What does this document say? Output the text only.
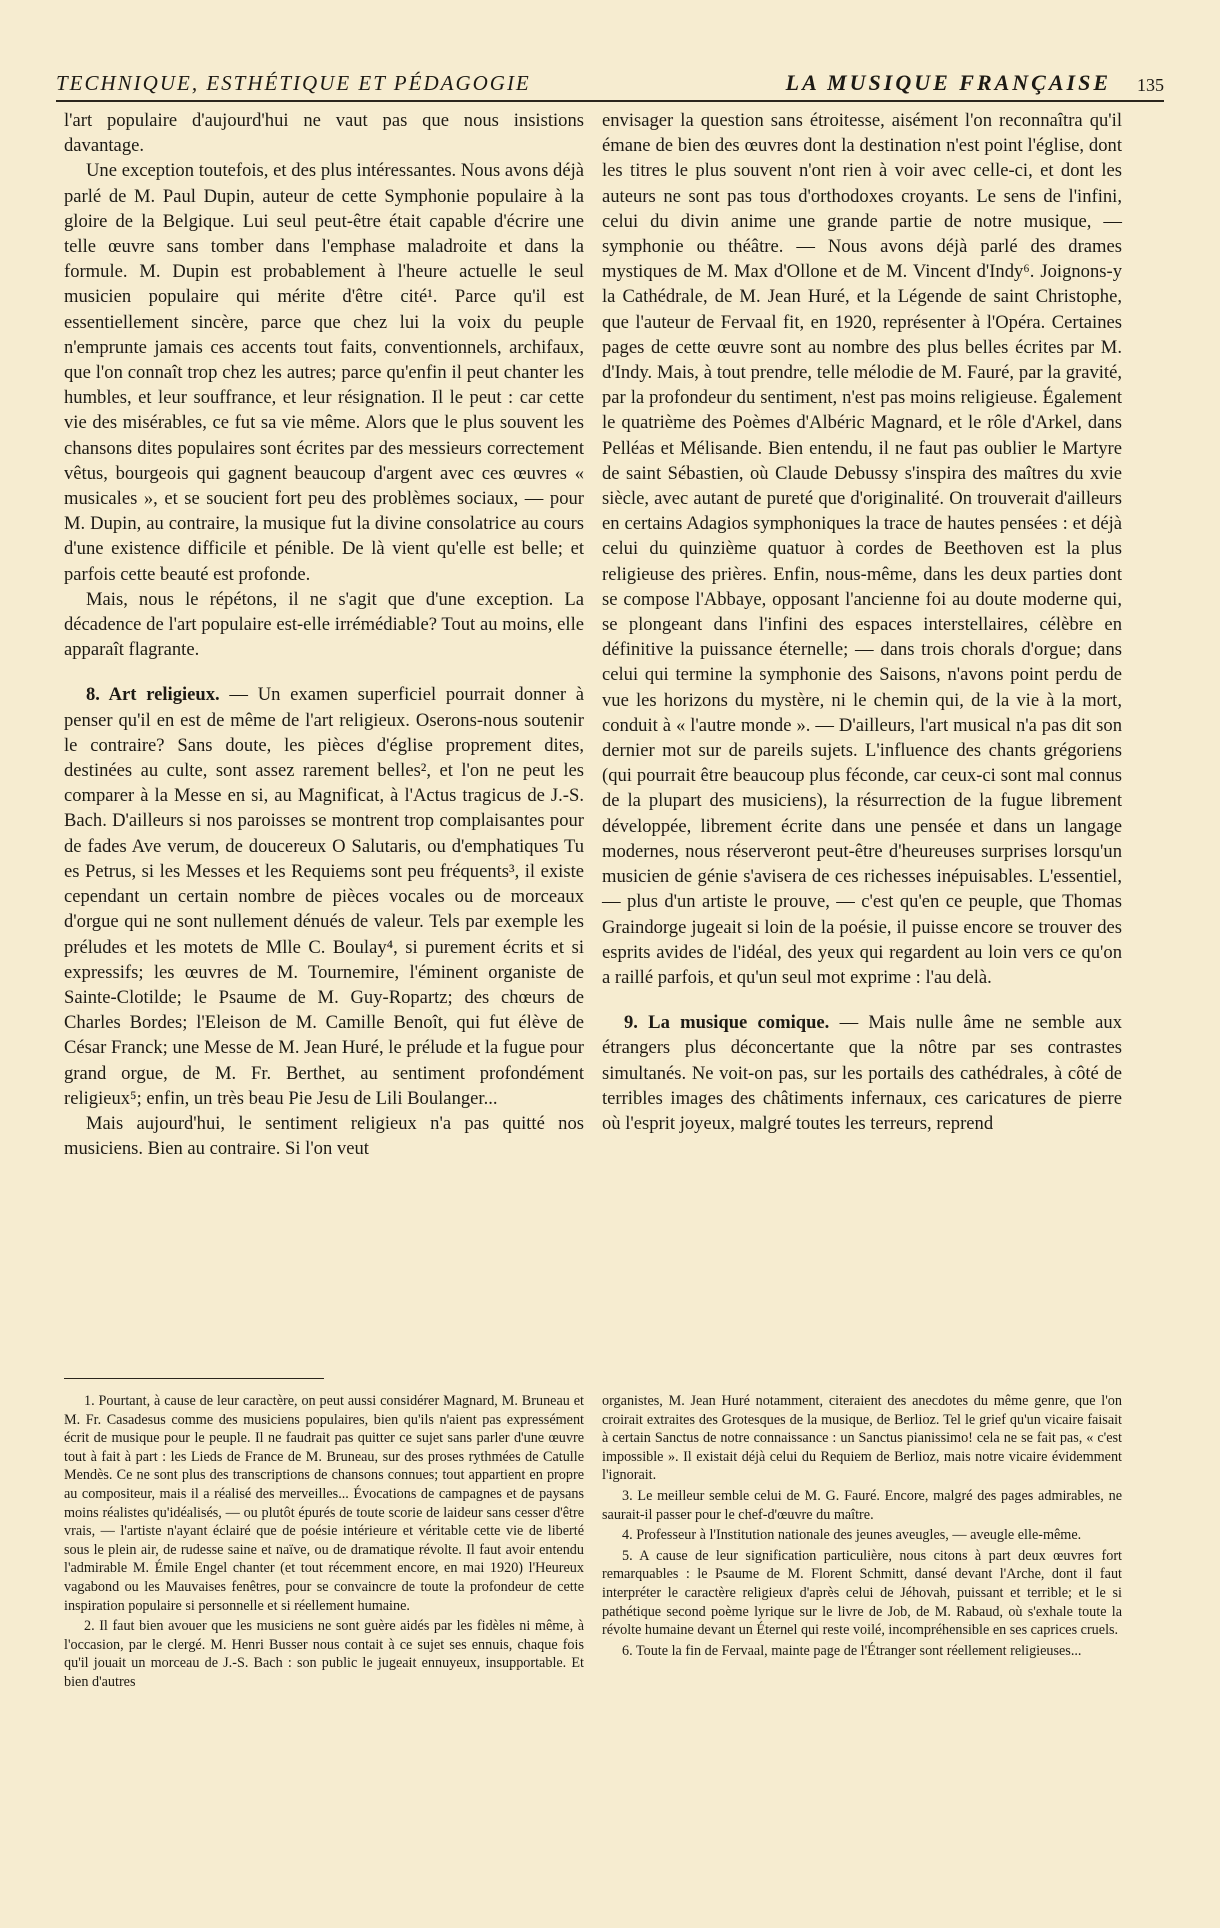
TECHNIQUE, ESTHÉTIQUE ET PÉDAGOGIE	LA MUSIQUE FRANÇAISE 135

l'art populaire d'aujourd'hui ne vaut pas que nous insistions davantage.

Une exception toutefois, et des plus intéressantes. Nous avons déjà parlé de M. Paul Dupin, auteur de cette Symphonie populaire à la gloire de la Belgique. Lui seul peut-être était capable d'écrire une telle œuvre sans tomber dans l'emphase maladroite et dans la formule. M. Dupin est probablement à l'heure actuelle le seul musicien populaire qui mérite d'être cité¹. Parce qu'il est essentiellement sincère, parce que chez lui la voix du peuple n'emprunte jamais ces accents tout faits, conventionnels, archifaux, que l'on connaît trop chez les autres; parce qu'enfin il peut chanter les humbles, et leur souffrance, et leur résignation. Il le peut : car cette vie des misérables, ce fut sa vie même. Alors que le plus souvent les chansons dites populaires sont écrites par des messieurs correctement vêtus, bourgeois qui gagnent beaucoup d'argent avec ces œuvres « musicales », et se soucient fort peu des problèmes sociaux, — pour M. Dupin, au contraire, la musique fut la divine consolatrice au cours d'une existence difficile et pénible. De là vient qu'elle est belle; et parfois cette beauté est profonde.

Mais, nous le répétons, il ne s'agit que d'une exception. La décadence de l'art populaire est-elle irrémédiable? Tout au moins, elle apparaît flagrante.

8. Art religieux. — Un examen superficiel pourrait donner à penser qu'il en est de même de l'art religieux. Oserons-nous soutenir le contraire? Sans doute, les pièces d'église proprement dites, destinées au culte, sont assez rarement belles², et l'on ne peut les comparer à la Messe en si, au Magnificat, à l'Actus tragicus de J.-S. Bach. D'ailleurs si nos paroisses se montrent trop complaisantes pour de fades Ave verum, de doucereux O Salutaris, ou d'emphatiques Tu es Petrus, si les Messes et les Requiems sont peu fréquents³, il existe cependant un certain nombre de pièces vocales ou de morceaux d'orgue qui ne sont nullement dénués de valeur. Tels par exemple les préludes et les motets de Mlle C. Boulay⁴, si purement écrits et si expressifs; les œuvres de M. Tournemire, l'éminent organiste de Sainte-Clotilde; le Psaume de M. Guy-Ropartz; des chœurs de Charles Bordes; l'Eleison de M. Camille Benoît, qui fut élève de César Franck; une Messe de M. Jean Huré, le prélude et la fugue pour grand orgue, de M. Fr. Berthet, au sentiment profondément religieux⁵; enfin, un très beau Pie Jesu de Lili Boulanger...

Mais aujourd'hui, le sentiment religieux n'a pas quitté nos musiciens. Bien au contraire. Si l'on veut

envisager la question sans étroitesse, aisément l'on reconnaîtra qu'il émane de bien des œuvres dont la destination n'est point l'église, dont les titres le plus souvent n'ont rien à voir avec celle-ci, et dont les auteurs ne sont pas tous d'orthodoxes croyants. Le sens de l'infini, celui du divin anime une grande partie de notre musique, — symphonie ou théâtre. — Nous avons déjà parlé des drames mystiques de M. Max d'Ollone et de M. Vincent d'Indy⁶. Joignons-y la Cathédrale, de M. Jean Huré, et la Légende de saint Christophe, que l'auteur de Fervaal fit, en 1920, représenter à l'Opéra. Certaines pages de cette œuvre sont au nombre des plus belles écrites par M. d'Indy. Mais, à tout prendre, telle mélodie de M. Fauré, par la gravité, par la profondeur du sentiment, n'est pas moins religieuse. Également le quatrième des Poèmes d'Albéric Magnard, et le rôle d'Arkel, dans Pelléas et Mélisande. Bien entendu, il ne faut pas oublier le Martyre de saint Sébastien, où Claude Debussy s'inspira des maîtres du xvie siècle, avec autant de pureté que d'originalité. On trouverait d'ailleurs en certains Adagios symphoniques la trace de hautes pensées : et déjà celui du quinzième quatuor à cordes de Beethoven est la plus religieuse des prières. Enfin, nous-même, dans les deux parties dont se compose l'Abbaye, opposant l'ancienne foi au doute moderne qui, se plongeant dans l'infini des espaces interstellaires, célèbre en définitive la puissance éternelle; — dans trois chorals d'orgue; dans celui qui termine la symphonie des Saisons, n'avons point perdu de vue les horizons du mystère, ni le chemin qui, de la vie à la mort, conduit à « l'autre monde ». — D'ailleurs, l'art musical n'a pas dit son dernier mot sur de pareils sujets. L'influence des chants grégoriens (qui pourrait être beaucoup plus féconde, car ceux-ci sont mal connus de la plupart des musiciens), la résurrection de la fugue librement développée, librement écrite dans une pensée et dans un langage modernes, nous réserveront peut-être d'heureuses surprises lorsqu'un musicien de génie s'avisera de ces richesses inépuisables. L'essentiel, — plus d'un artiste le prouve, — c'est qu'en ce peuple, que Thomas Graindorge jugeait si loin de la poésie, il puisse encore se trouver des esprits avides de l'idéal, des yeux qui regardent au loin vers ce qu'on a raillé parfois, et qu'un seul mot exprime : l'au delà.

9. La musique comique. — Mais nulle âme ne semble aux étrangers plus déconcertante que la nôtre par ses contrastes simultanés. Ne voit-on pas, sur les portails des cathédrales, à côté de terribles images des châtiments infernaux, ces caricatures de pierre où l'esprit joyeux, malgré toutes les terreurs, reprend

1. Pourtant, à cause de leur caractère, on peut aussi considérer Magnard, M. Bruneau et M. Fr. Casadesus comme des musiciens populaires, bien qu'ils n'aient pas expressément écrit de musique pour le peuple. Il ne faudrait pas quitter ce sujet sans parler d'une œuvre tout à fait à part : les Lieds de France de M. Bruneau, sur des proses rythmées de Catulle Mendès. Ce ne sont plus des transcriptions de chansons connues; tout appartient en propre au compositeur, mais il a réalisé des merveilles... Évocations de campagnes et de paysans moins réalistes qu'idéalisés, — ou plutôt épurés de toute scorie de laideur sans cesser d'être vrais, — l'artiste n'ayant éclairé que de poésie intérieure et véritable cette vie de liberté sous le plein air, de rudesse saine et naïve, ou de dramatique révolte. Il faut avoir entendu l'admirable M. Émile Engel chanter (et tout récemment encore, en mai 1920) l'Heureux vagabond ou les Mauvaises fenêtres, pour se convaincre de toute la profondeur de cette inspiration populaire si personnelle et si réellement humaine.

2. Il faut bien avouer que les musiciens ne sont guère aidés par les fidèles ni même, à l'occasion, par le clergé. M. Henri Busser nous contait à ce sujet ses ennuis, chaque fois qu'il jouait un morceau de J.-S. Bach : son public le jugeait ennuyeux, insupportable. Et bien d'autres

organistes, M. Jean Huré notamment, citeraient des anecdotes du même genre, que l'on croirait extraites des Grotesques de la musique, de Berlioz. Tel le grief qu'un vicaire faisait à certain Sanctus de notre connaissance : un Sanctus pianissimo! cela ne se fait pas, « c'est impossible ». Il existait déjà celui du Requiem de Berlioz, mais notre vicaire évidemment l'ignorait.

3. Le meilleur semble celui de M. G. Fauré. Encore, malgré des pages admirables, ne saurait-il passer pour le chef-d'œuvre du maître.

4. Professeur à l'Institution nationale des jeunes aveugles, — aveugle elle-même.

5. A cause de leur signification particulière, nous citons à part deux œuvres fort remarquables : le Psaume de M. Florent Schmitt, dansé devant l'Arche, dont il faut interpréter le caractère religieux d'après celui de Jéhovah, puissant et terrible; et le si pathétique second poème lyrique sur le livre de Job, de M. Rabaud, où s'exhale toute la révolte humaine devant un Éternel qui reste voilé, incompréhensible en ses caprices cruels.

6. Toute la fin de Fervaal, mainte page de l'Étranger sont réellement religieuses...
